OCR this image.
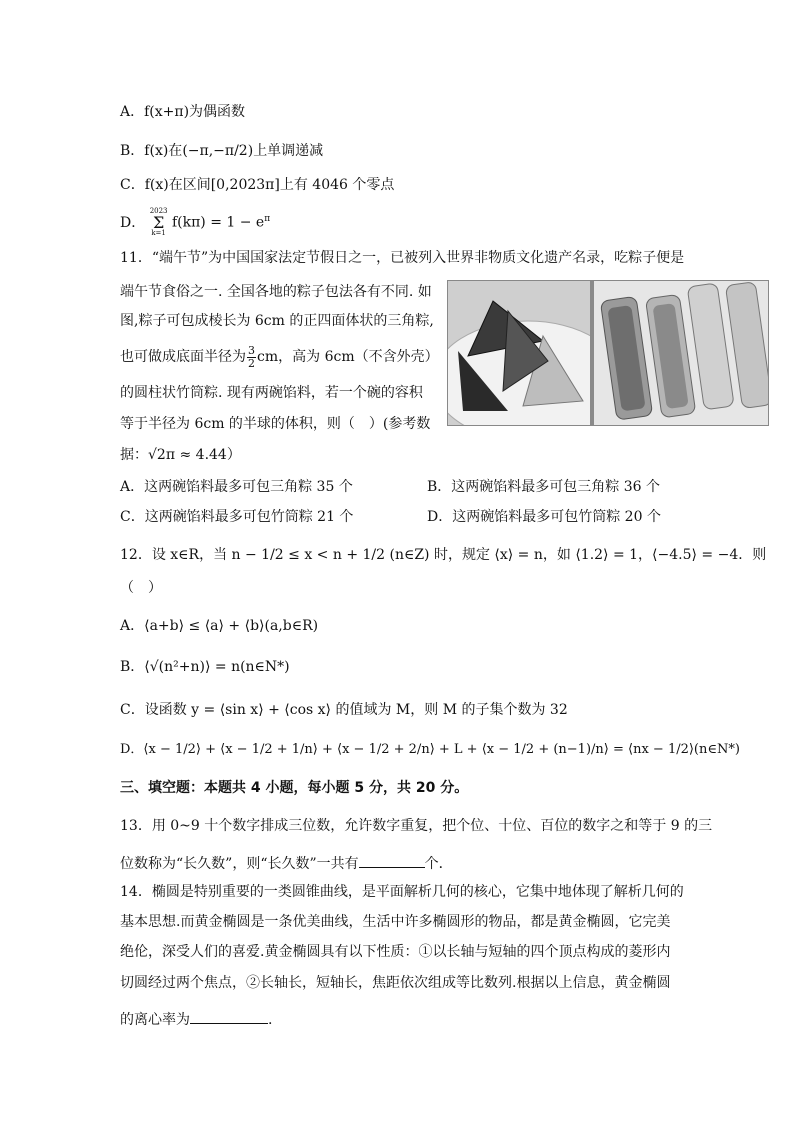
A．f(x+π)为偶函数
B．f(x)在(−π,−π/2)上单调递减
C．f(x)在区间[0,2023π]上有 4046 个零点
D．
2023
Σ
k=1
$f(k\pi) = 1 - e^\pi$
11．“端午节”为中国国家法定节假日之一，已被列入世界非物质文化遗产名录，吃粽子便是
端午节食俗之一. 全国各地的粽子包法各有不同. 如
图,粽子可包成棱长为 6cm 的正四面体状的三角粽,
也可做成底面半径为 $\frac{3}{2}$ cm，高为 6cm（不含外壳）
的圆柱状竹筒粽. 现有两碗馅料，若一个碗的容积
等于半径为 6cm 的半球的体积，则（　）(参考数
据：√2π ≈ 4.44）
A．这两碗馅料最多可包三角粽 35 个	B．这两碗馅料最多可包三角粽 36 个
C．这两碗馅料最多可包竹筒粽 21 个	D．这两碗馅料最多可包竹筒粽 20 个
12．设 x∈R，当 n − 1/2 ≤ x < n + 1/2 (n∈Z) 时，规定 ⟨x⟩ = n，如 ⟨1.2⟩ = 1，⟨−4.5⟩ = −4．则
（　）
A．⟨a+b⟩ ≤ ⟨a⟩ + ⟨b⟩(a,b∈R)
B．⟨√(n²+n)⟩ = n(n∈N*)
C．设函数 y = ⟨sin x⟩ + ⟨cos x⟩ 的值域为 M，则 M 的子集个数为 32
D．⟨x − 1/2⟩ + ⟨x − 1/2 + 1/n⟩ + ⟨x − 1/2 + 2/n⟩ + L + ⟨x − 1/2 + (n−1)/n⟩ = ⟨nx − 1/2⟩(n∈N*)
三、填空题：本题共 4 小题，每小题 5 分，共 20 分。
13．用 0~9 十个数字排成三位数，允许数字重复，把个位、十位、百位的数字之和等于 9 的三
位数称为“长久数”，则“长久数”一共有	个．
14．椭圆是特别重要的一类圆锥曲线，是平面解析几何的核心，它集中地体现了解析几何的
基本思想.而黄金椭圆是一条优美曲线，生活中许多椭圆形的物品，都是黄金椭圆，它完美
绝伦，深受人们的喜爱.黄金椭圆具有以下性质：①以长轴与短轴的四个顶点构成的菱形内
切圆经过两个焦点，②长轴长，短轴长，焦距依次组成等比数列.根据以上信息，黄金椭圆
的离心率为	.
